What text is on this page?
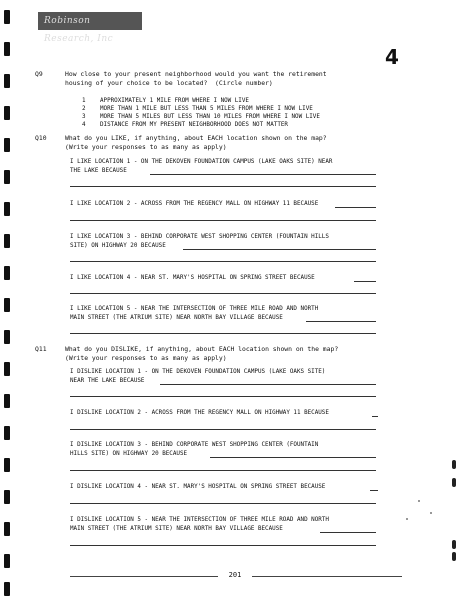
Robinson Research, Inc
4
Q9	How close to your present neighborhood would you want the retirement
housing of your choice to be located?  (Circle number)
1 APPROXIMATELY 1 MILE FROM WHERE I NOW LIVE
2 MORE THAN 1 MILE BUT LESS THAN 5 MILES FROM WHERE I NOW LIVE
3 MORE THAN 5 MILES BUT LESS THAN 10 MILES FROM WHERE I NOW LIVE
4 DISTANCE FROM MY PRESENT NEIGHBORHOOD DOES NOT MATTER
Q10	What do you LIKE, if anything, about EACH location shown on the map?
(Write your responses to as many as apply)
I LIKE LOCATION 1 - ON THE DEKOVEN FOUNDATION CAMPUS (LAKE OAKS SITE) NEAR
THE LAKE BECAUSE
I LIKE LOCATION 2 - ACROSS FROM THE REGENCY MALL ON HIGHWAY 11 BECAUSE
I LIKE LOCATION 3 - BEHIND CORPORATE WEST SHOPPING CENTER (FOUNTAIN HILLS
SITE) ON HIGHWAY 20 BECAUSE
I LIKE LOCATION 4 - NEAR ST. MARY'S HOSPITAL ON SPRING STREET BECAUSE
I LIKE LOCATION 5 - NEAR THE INTERSECTION OF THREE MILE ROAD AND NORTH
MAIN STREET (THE ATRIUM SITE) NEAR NORTH BAY VILLAGE BECAUSE
Q11	What do you DISLIKE, if anything, about EACH location shown on the map?
(Write your responses to as many as apply)
I DISLIKE LOCATION 1 - ON THE DEKOVEN FOUNDATION CAMPUS (LAKE OAKS SITE)
NEAR THE LAKE BECAUSE
I DISLIKE LOCATION 2 - ACROSS FROM THE REGENCY MALL ON HIGHWAY 11 BECAUSE
I DISLIKE LOCATION 3 - BEHIND CORPORATE WEST SHOPPING CENTER (FOUNTAIN
HILLS SITE) ON HIGHWAY 20 BECAUSE
I DISLIKE LOCATION 4 - NEAR ST. MARY'S HOSPITAL ON SPRING STREET BECAUSE
I DISLIKE LOCATION 5 - NEAR THE INTERSECTION OF THREE MILE ROAD AND NORTH
MAIN STREET (THE ATRIUM SITE) NEAR NORTH BAY VILLAGE BECAUSE
201
